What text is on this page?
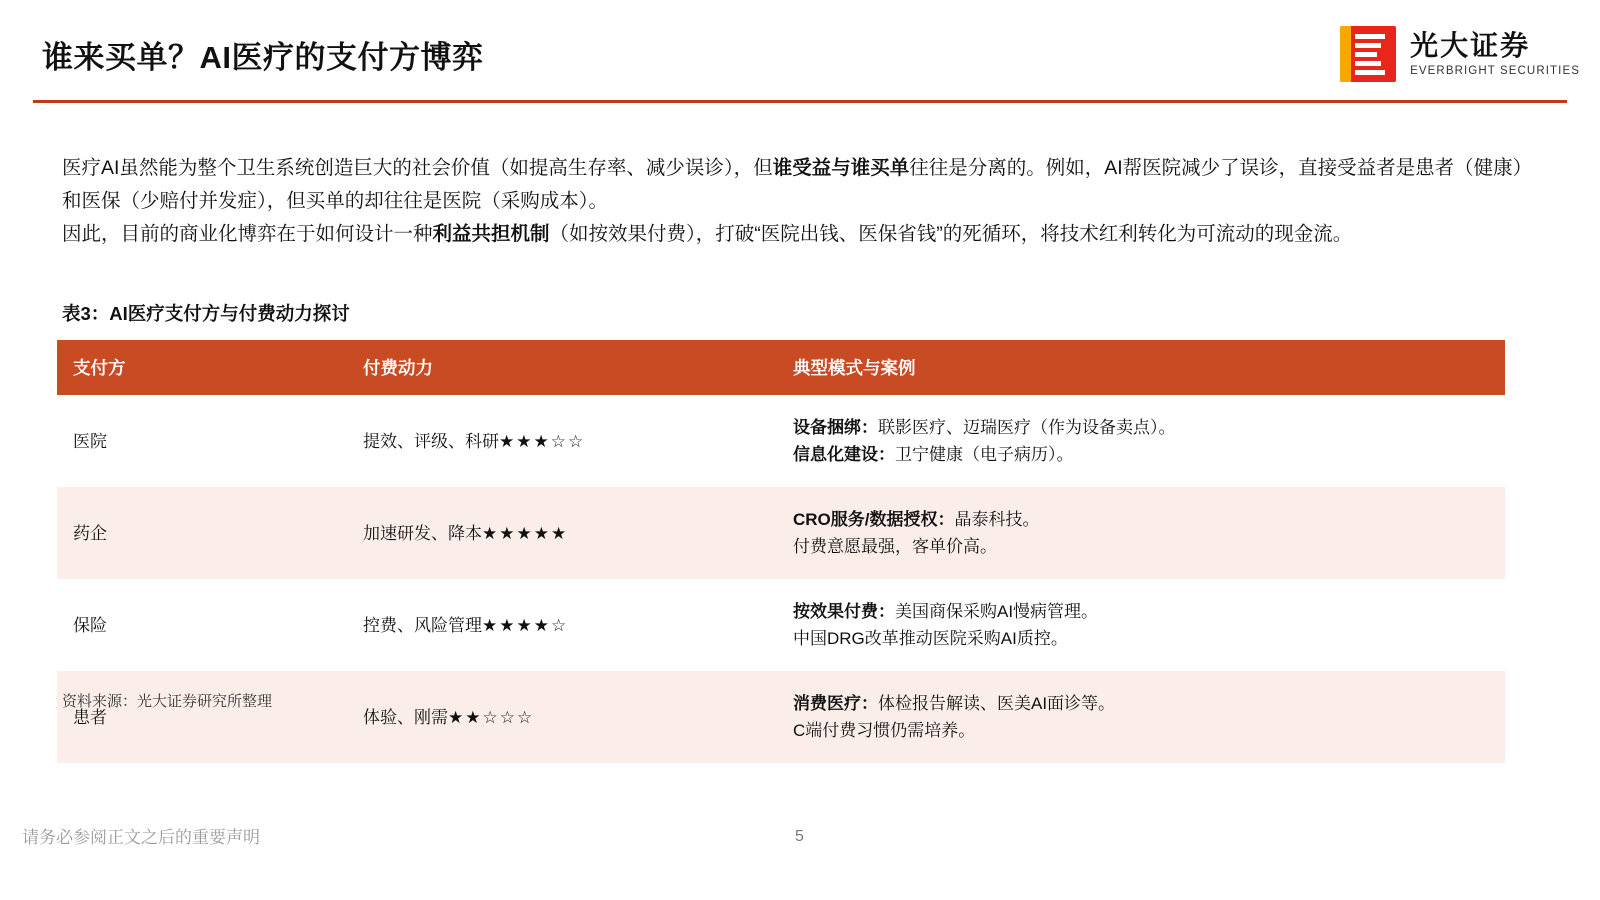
谁来买单？AI医疗的支付方博弈	光大证券
EVERBRIGHT SECURITIES

医疗AI虽然能为整个卫生系统创造巨大的社会价值（如提高生存率、减少误诊），但谁受益与谁买单往往是分离的。例如，AI帮医院减少了误诊，直接受益者是患者（健康）和医保（少赔付并发症），但买单的却往往是医院（采购成本）。

因此，目前的商业化博弈在于如何设计一种利益共担机制（如按效果付费），打破“医院出钱、医保省钱”的死循环，将技术红利转化为可流动的现金流。

表3：AI医疗支付方与付费动力探讨
支付方	付费动力	典型模式与案例
医院	提效、评级、科研★★★☆☆	设备捆绑：联影医疗、迈瑞医疗（作为设备卖点）。
信息化建设：卫宁健康（电子病历）。

药企	加速研发、降本★★★★★	CRO服务/数据授权：晶泰科技。
付费意愿最强，客单价高。

保险	控费、风险管理★★★★☆	按效果付费：美国商保采购AI慢病管理。
中国DRG改革推动医院采购AI质控。

患者	体验、刚需★★☆☆☆	消费医疗：体检报告解读、医美AI面诊等。
C端付费习惯仍需培养。
资料来源：光大证券研究所整理
请务必参阅正文之后的重要声明	5
